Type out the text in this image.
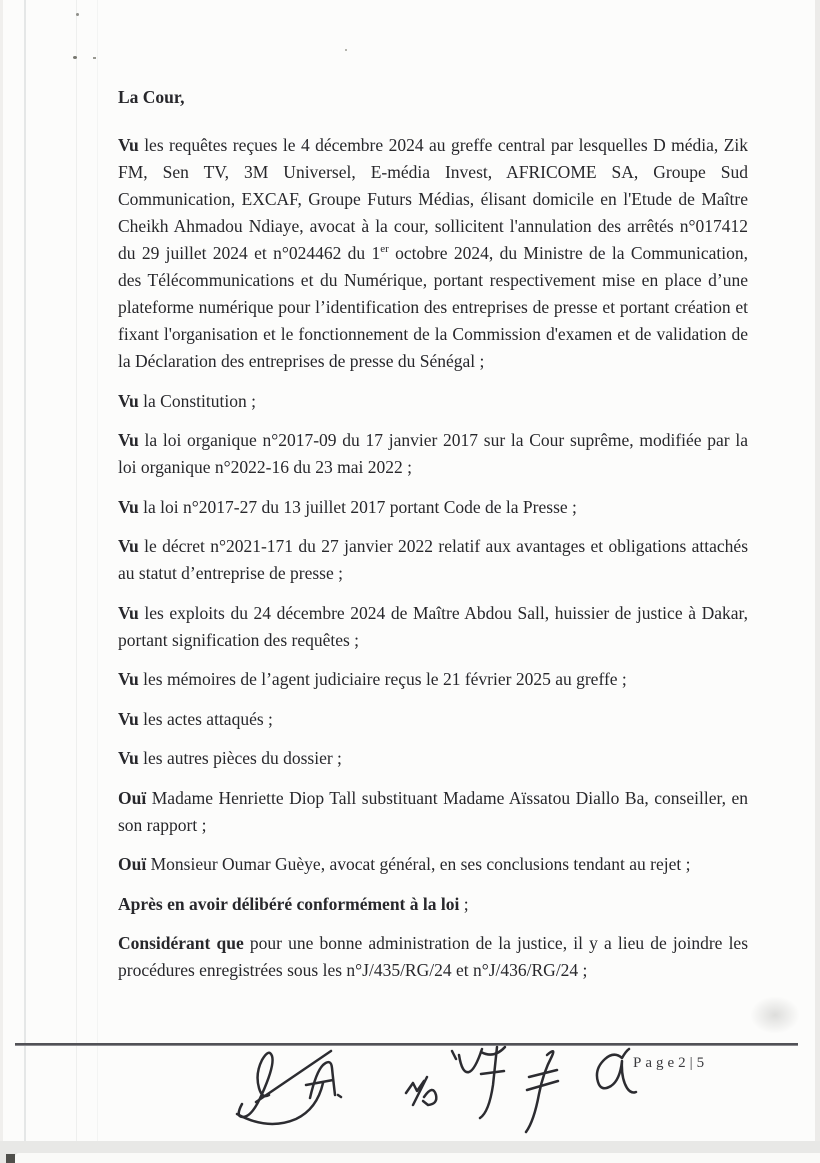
La Cour,

Vu les requêtes reçues le 4 décembre 2024 au greffe central par lesquelles D média, Zik FM, Sen TV, 3M Universel, E-média Invest, AFRICOME SA, Groupe Sud Communication, EXCAF, Groupe Futurs Médias, élisant domicile en l'Etude de Maître Cheikh Ahmadou Ndiaye, avocat à la cour, sollicitent l'annulation des arrêtés n°017412 du 29 juillet 2024 et n°024462 du 1er octobre 2024, du Ministre de la Communication, des Télécommunications et du Numérique, portant respectivement mise en place d’une plateforme numérique pour l’identification des entreprises de presse et portant création et fixant l'organisation et le fonctionnement de la Commission d'examen et de validation de la Déclaration des entreprises de presse du Sénégal ;

Vu la Constitution ;

Vu la loi organique n°2017-09 du 17 janvier 2017 sur la Cour suprême, modifiée par la loi organique n°2022-16 du 23 mai 2022 ;

Vu la loi n°2017-27 du 13 juillet 2017 portant Code de la Presse ;

Vu le décret n°2021-171 du 27 janvier 2022 relatif aux avantages et obligations attachés au statut d’entreprise de presse ;

Vu les exploits du 24 décembre 2024 de Maître Abdou Sall, huissier de justice à Dakar, portant signification des requêtes ;

Vu les mémoires de l’agent judiciaire reçus le 21 février 2025 au greffe ;

Vu les actes attaqués ;

Vu les autres pièces du dossier ;

Ouï Madame Henriette Diop Tall substituant Madame Aïssatou Diallo Ba, conseiller, en son rapport ;

Ouï Monsieur Oumar Guèye, avocat général, en ses conclusions tendant au rejet ;

Après en avoir délibéré conformément à la loi ;

Considérant que pour une bonne administration de la justice, il y a lieu de joindre les procédures enregistrées sous les n°J/435/RG/24 et n°J/436/RG/24 ;

Page2|5
